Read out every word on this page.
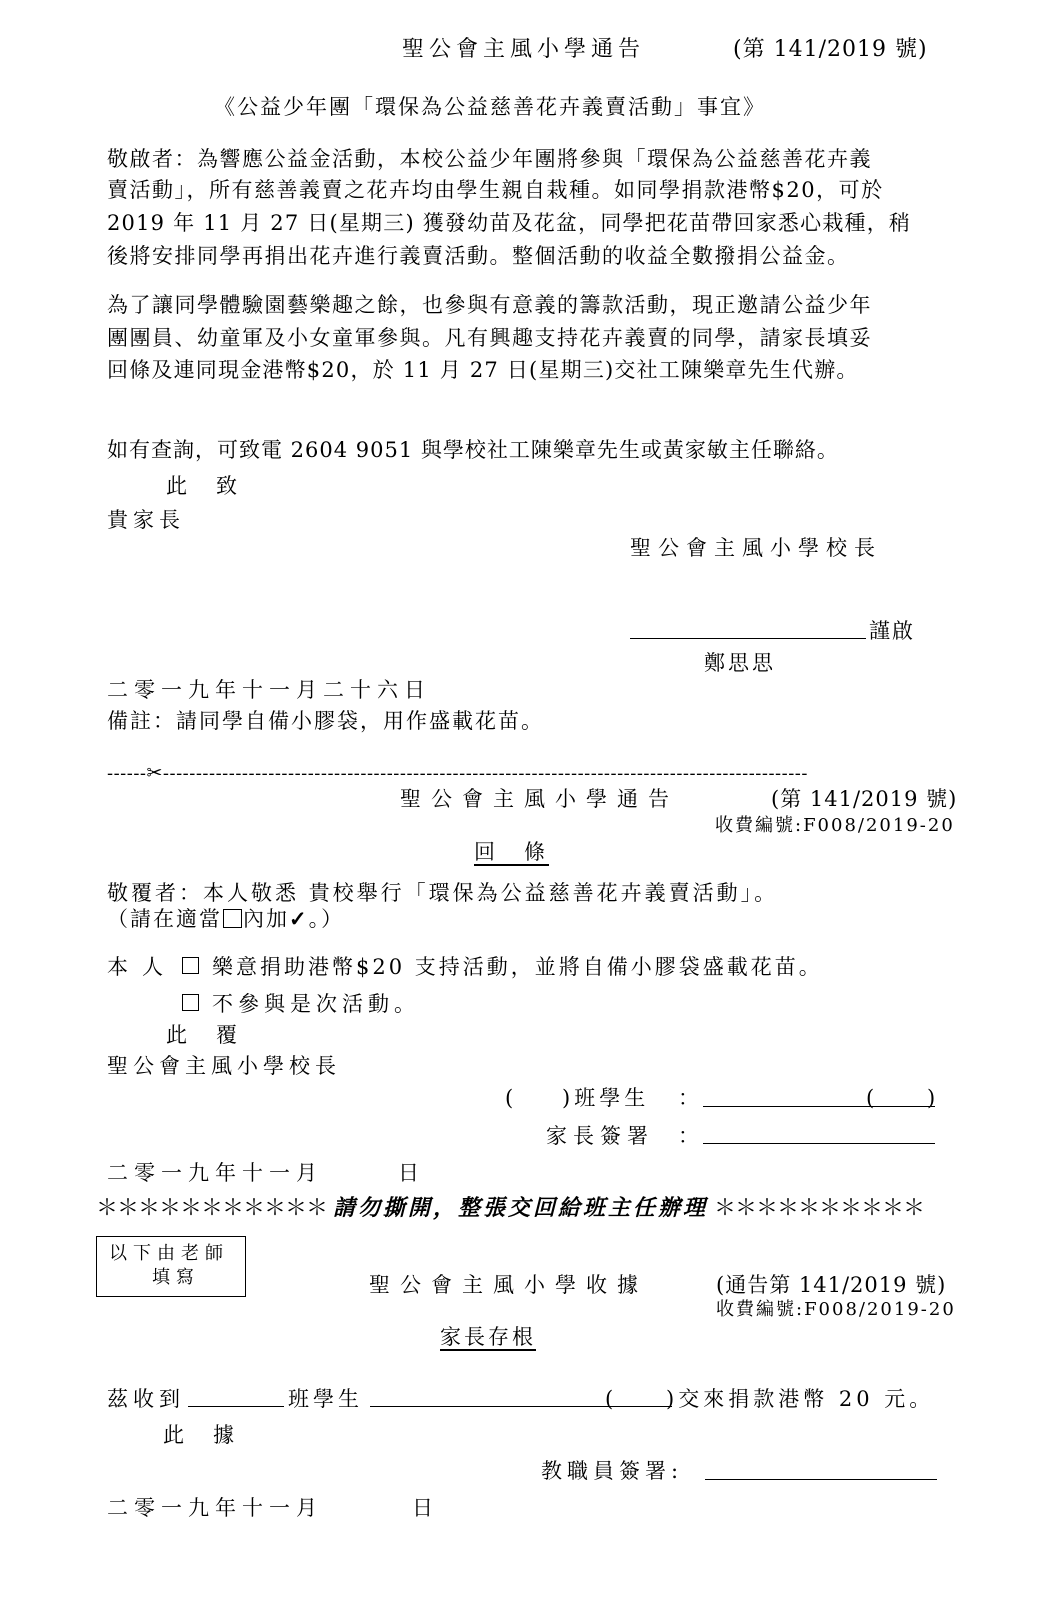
聖公會主風小學通告	(第 141/2019 號)
《公益少年團「環保為公益慈善花卉義賣活動」事宜》
敬啟者：為響應公益金活動，本校公益少年團將參與「環保為公益慈善花卉義
賣活動」，所有慈善義賣之花卉均由學生親自栽種。如同學捐款港幣$20，可於
2019 年 11 月 27 日(星期三) 獲發幼苗及花盆，同學把花苗帶回家悉心栽種，稍
後將安排同學再捐出花卉進行義賣活動。整個活動的收益全數撥捐公益金。
為了讓同學體驗園藝樂趣之餘，也參與有意義的籌款活動，現正邀請公益少年
團團員、幼童軍及小女童軍參與。凡有興趣支持花卉義賣的同學，請家長填妥
回條及連同現金港幣$20，於 11 月 27 日(星期三)交社工陳樂章先生代辦。
如有查詢，可致電 2604 9051 與學校社工陳樂章先生或黃家敏主任聯絡。
此　致
貴家長
聖公會主風小學校長
謹啟
鄭思思
二零一九年十一月二十六日
備註：請同學自備小膠袋，用作盛載花苗。
------✂--------------------------------------------------------------------------------------------------
聖公會主風小學通告	(第 141/2019 號)
收費編號:F008/2019-20
回　條
敬覆者：本人敬悉 貴校舉行「環保為公益慈善花卉義賣活動」。
（請在適當 內加✓。）
本人 樂意捐助港幣$20 支持活動，並將自備小膠袋盛載花苗。
不參與是次活動。
此　覆
聖公會主風小學校長
( )班學生 ：	(	)
家長簽署 ：
二零一九年十一月	日
＊＊＊＊＊＊＊＊＊＊＊ 請勿撕開，整張交回給班主任辦理 ＊＊＊＊＊＊＊＊＊＊
以下由老師
填寫	聖公會主風小學收據	(通告第 141/2019 號)
收費編號:F008/2019-20
家長存根
茲收到	班學生	(	)交來捐款港幣 20 元。
此　據
教職員簽署:
二零一九年十一月	日
